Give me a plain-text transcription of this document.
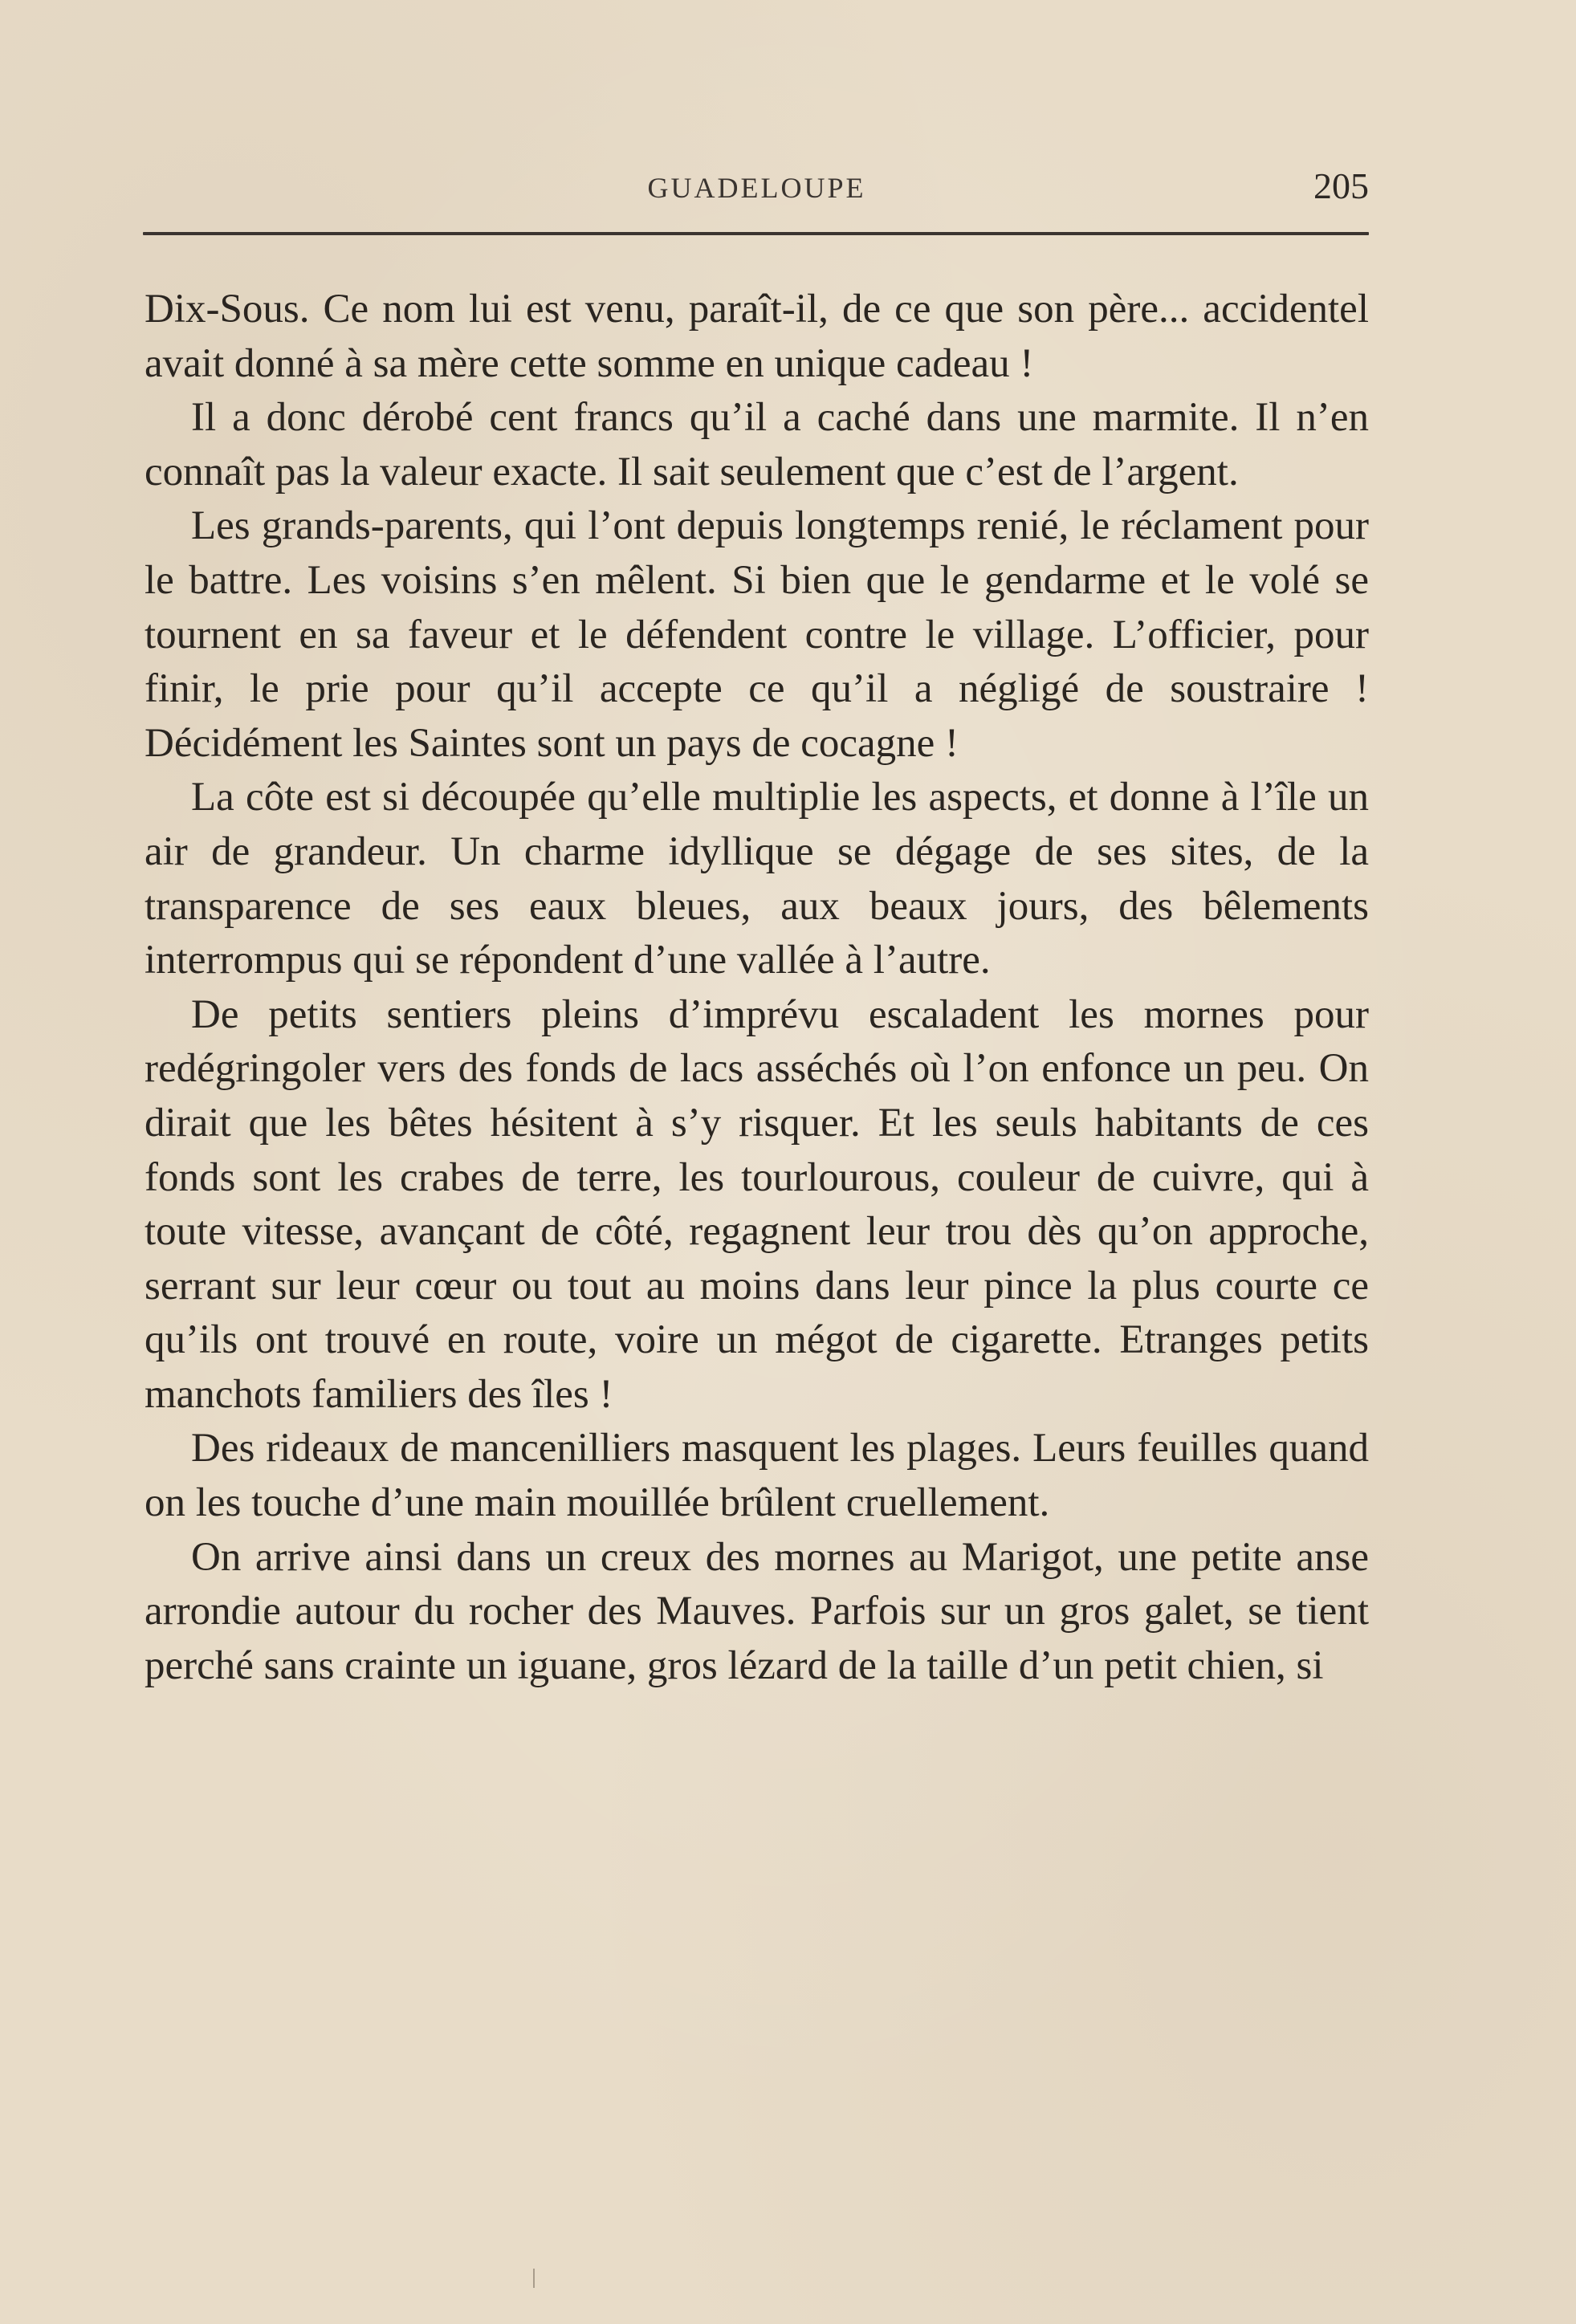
GUADELOUPE	205

Dix-Sous. Ce nom lui est venu, paraît-il, de ce que son père... accidentel avait donné à sa mère cette somme en unique cadeau !

Il a donc dérobé cent francs qu’il a caché dans une marmite. Il n’en connaît pas la valeur exacte. Il sait seulement que c’est de l’argent.

Les grands-parents, qui l’ont depuis longtemps renié, le réclament pour le battre. Les voisins s’en mêlent. Si bien que le gendarme et le volé se tournent en sa faveur et le défendent contre le village. L’officier, pour finir, le prie pour qu’il accepte ce qu’il a négligé de soustraire ! Décidément les Saintes sont un pays de cocagne !

La côte est si découpée qu’elle multiplie les aspects, et donne à l’île un air de grandeur. Un charme idyllique se dégage de ses sites, de la transparence de ses eaux bleues, aux beaux jours, des bêlements interrompus qui se répondent d’une vallée à l’autre.

De petits sentiers pleins d’imprévu escaladent les mornes pour redégringoler vers des fonds de lacs asséchés où l’on enfonce un peu. On dirait que les bêtes hésitent à s’y risquer. Et les seuls habitants de ces fonds sont les crabes de terre, les tourlourous, couleur de cuivre, qui à toute vitesse, avançant de côté, regagnent leur trou dès qu’on approche, serrant sur leur cœur ou tout au moins dans leur pince la plus courte ce qu’ils ont trouvé en route, voire un mégot de cigarette. Etranges petits manchots familiers des îles !

Des rideaux de mancenilliers masquent les plages. Leurs feuilles quand on les touche d’une main mouillée brûlent cruellement.

On arrive ainsi dans un creux des mornes au Marigot, une petite anse arrondie autour du rocher des Mauves. Parfois sur un gros galet, se tient perché sans crainte un iguane, gros lézard de la taille d’un petit chien, si
